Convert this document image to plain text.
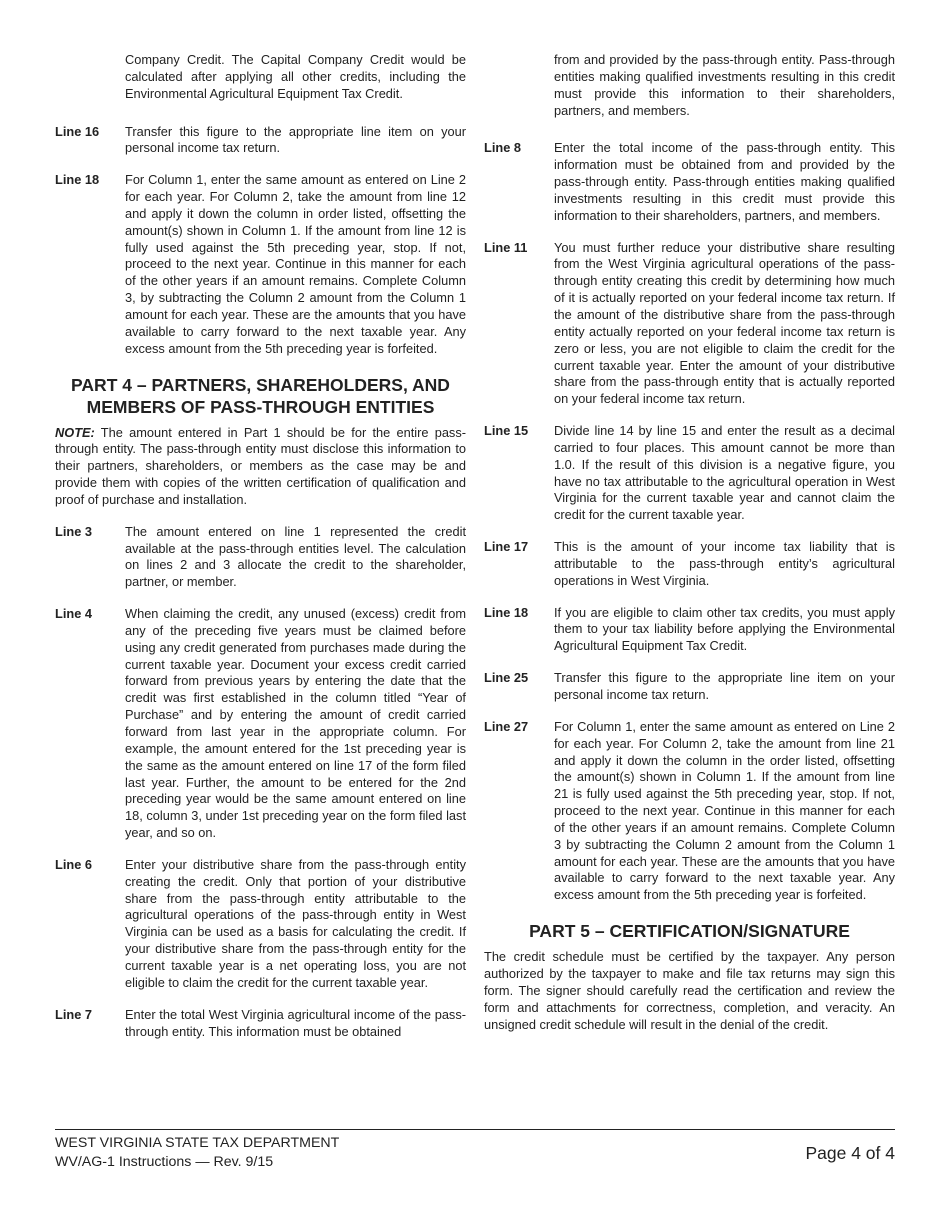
Company Credit. The Capital Company Credit would be calculated after applying all other credits, including the Environmental Agricultural Equipment Tax Credit.

Line 16	Transfer this figure to the appropriate line item on your personal income tax return.
Line 18	For Column 1, enter the same amount as entered on Line 2 for each year. For Column 2, take the amount from line 12 and apply it down the column in order listed, offsetting the amount(s) shown in Column 1. If the amount from line 12 is fully used against the 5th preceding year, stop. If not, proceed to the next year. Continue in this manner for each of the other years if an amount remains. Complete Column 3, by subtracting the Column 2 amount from the Column 1 amount for each year. These are the amounts that you have available to carry forward to the next taxable year. Any excess amount from the 5th preceding year is forfeited.
PART 4 – PARTNERS, SHAREHOLDERS, AND MEMBERS OF PASS-THROUGH ENTITIES

NOTE: The amount entered in Part 1 should be for the entire pass-through entity. The pass-through entity must disclose this information to their partners, shareholders, or members as the case may be and provide them with copies of the written certification of qualification and proof of purchase and installation.

Line 3	The amount entered on line 1 represented the credit available at the pass-through entities level. The calculation on lines 2 and 3 allocate the credit to the shareholder, partner, or member.
Line 4	When claiming the credit, any unused (excess) credit from any of the preceding five years must be claimed before using any credit generated from purchases made during the current taxable year. Document your excess credit carried forward from previous years by entering the date that the credit was first established in the column titled “Year of Purchase” and by entering the amount of credit carried forward from last year in the appropriate column. For example, the amount entered for the 1st preceding year is the same as the amount entered on line 17 of the form filed last year. Further, the amount to be entered for the 2nd preceding year would be the same amount entered on line 18, column 3, under 1st preceding year on the form filed last year, and so on.
Line 6	Enter your distributive share from the pass-through entity creating the credit. Only that portion of your distributive share from the pass-through entity attributable to the agricultural operations of the pass-through entity in West Virginia can be used as a basis for calculating the credit. If your distributive share from the pass-through entity for the current taxable year is a net operating loss, you are not eligible to claim the credit for the current taxable year.
Line 7	Enter the total West Virginia agricultural income of the pass-through entity. This information must be obtained

from and provided by the pass-through entity. Pass-through entities making qualified investments resulting in this credit must provide this information to their shareholders, partners, and members.

Line 8	Enter the total income of the pass-through entity. This information must be obtained from and provided by the pass-through entity. Pass-through entities making qualified investments resulting in this credit must provide this information to their shareholders, partners, and members.
Line 11	You must further reduce your distributive share resulting from the West Virginia agricultural operations of the pass-through entity creating this credit by determining how much of it is actually reported on your federal income tax return. If the amount of the distributive share from the pass-through entity actually reported on your federal income tax return is zero or less, you are not eligible to claim the credit for the current taxable year. Enter the amount of your distributive share from the pass-through entity that is actually reported on your federal income tax return.
Line 15	Divide line 14 by line 15 and enter the result as a decimal carried to four places. This amount cannot be more than 1.0. If the result of this division is a negative figure, you have no tax attributable to the agricultural operation in West Virginia for the current taxable year and cannot claim the credit for the current taxable year.
Line 17	This is the amount of your income tax liability that is attributable to the pass-through entity’s agricultural operations in West Virginia.
Line 18	If you are eligible to claim other tax credits, you must apply them to your tax liability before applying the Environmental Agricultural Equipment Tax Credit.
Line 25	Transfer this figure to the appropriate line item on your personal income tax return.
Line 27	For Column 1, enter the same amount as entered on Line 2 for each year. For Column 2, take the amount from line 21 and apply it down the column in the order listed, offsetting the amount(s) shown in Column 1. If the amount from line 21 is fully used against the 5th preceding year, stop. If not, proceed to the next year. Continue in this manner for each of the other years if an amount remains. Complete Column 3 by subtracting the Column 2 amount from the Column 1 amount for each year. These are the amounts that you have available to carry forward to the next taxable year. Any excess amount from the 5th preceding year is forfeited.
PART 5 – CERTIFICATION/SIGNATURE

The credit schedule must be certified by the taxpayer. Any person authorized by the taxpayer to make and file tax returns may sign this form. The signer should carefully read the certification and review the form and attachments for correctness, completion, and veracity. An unsigned credit schedule will result in the denial of the credit.

WEST VIRGINIA STATE TAX DEPARTMENT
WV/AG-1 Instructions — Rev. 9/15	Page 4 of 4
